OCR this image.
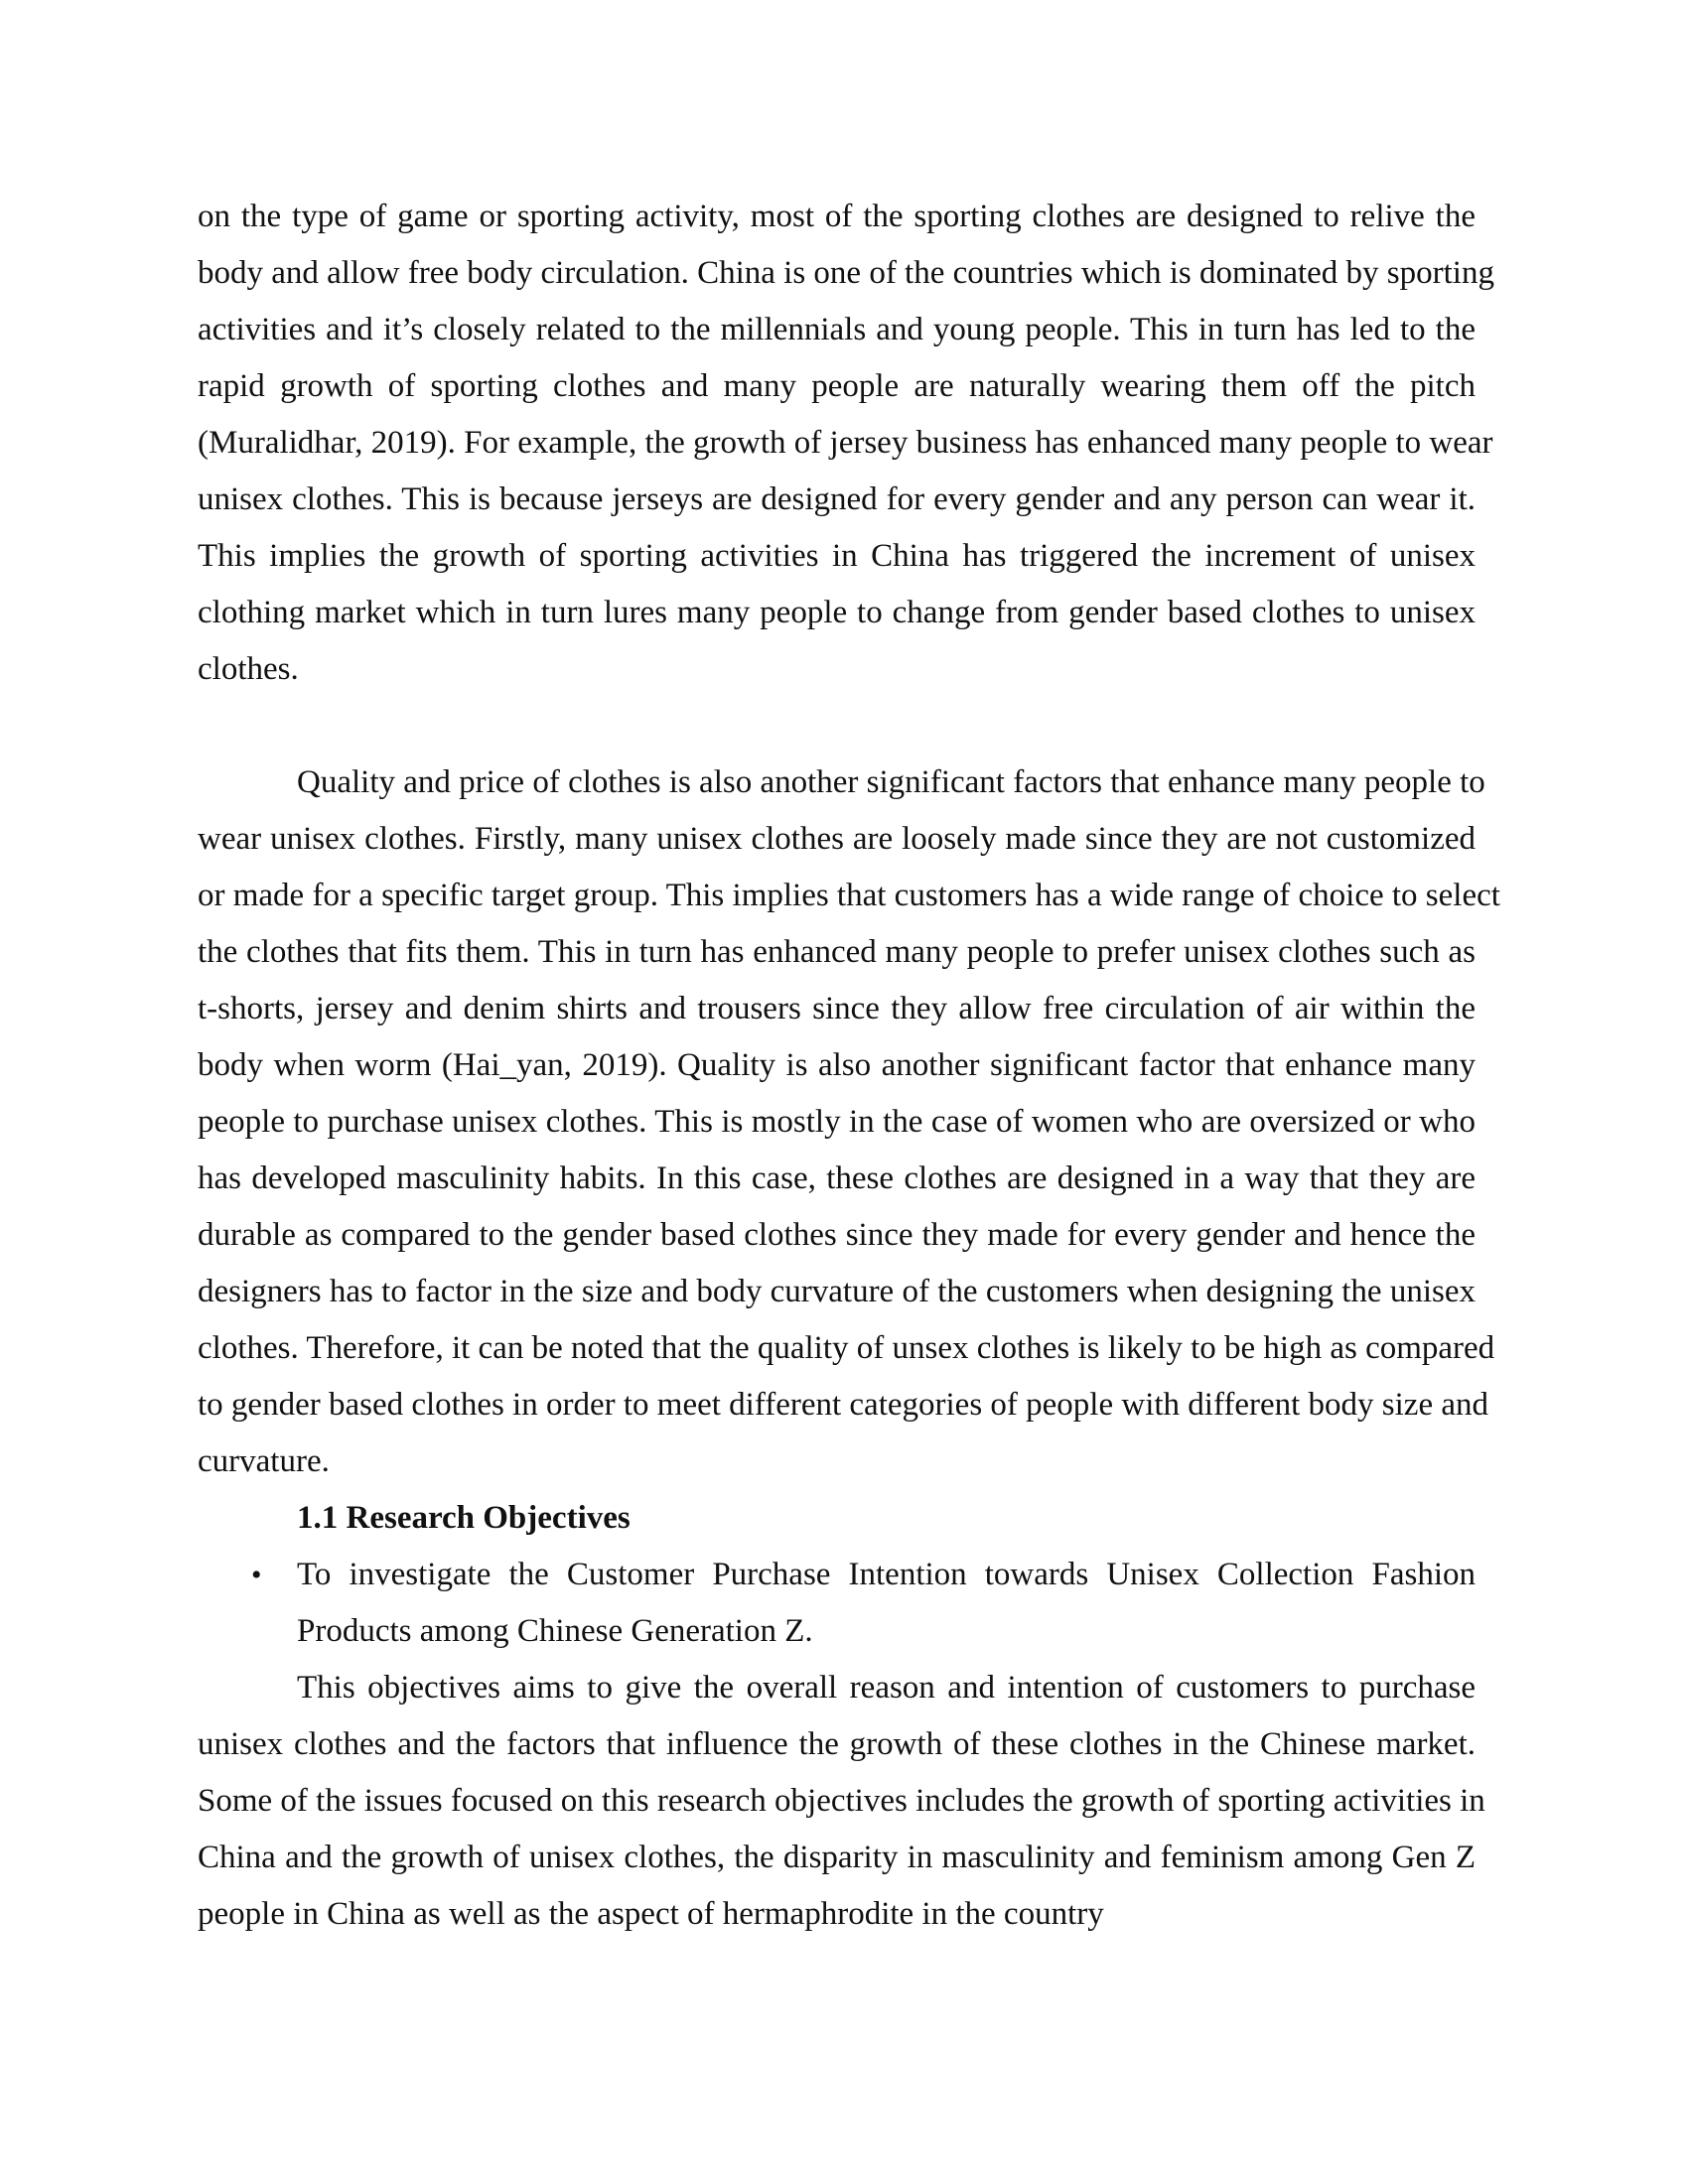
on the type of game or sporting activity, most of the sporting clothes are designed to relive the
body and allow free body circulation. China is one of the countries which is dominated by sporting
activities and it’s closely related to the millennials and young people. This in turn has led to the
rapid growth of sporting clothes and many people are naturally wearing them off the pitch
(Muralidhar, 2019). For example, the growth of jersey business has enhanced many people to wear
unisex clothes. This is because jerseys are designed for every gender and any person can wear it.
This implies the growth of sporting activities in China has triggered the increment of unisex
clothing market which in turn lures many people to change from gender based clothes to unisex
clothes.
Quality and price of clothes is also another significant factors that enhance many people to
wear unisex clothes. Firstly, many unisex clothes are loosely made since they are not customized
or made for a specific target group. This implies that customers has a wide range of choice to select
the clothes that fits them. This in turn has enhanced many people to prefer unisex clothes such as
t-shorts, jersey and denim shirts and trousers since they allow free circulation of air within the
body when worm (Hai_yan, 2019). Quality is also another significant factor that enhance many
people to purchase unisex clothes. This is mostly in the case of women who are oversized or who
has developed masculinity habits. In this case, these clothes are designed in a way that they are
durable as compared to the gender based clothes since they made for every gender and hence the
designers has to factor in the size and body curvature of the customers when designing the unisex
clothes. Therefore, it can be noted that the quality of unsex clothes is likely to be high as compared
to gender based clothes in order to meet different categories of people with different body size and
curvature.
1.1 Research Objectives
• To investigate the Customer Purchase Intention towards Unisex Collection Fashion
Products among Chinese Generation Z.
This objectives aims to give the overall reason and intention of customers to purchase
unisex clothes and the factors that influence the growth of these clothes in the Chinese market.
Some of the issues focused on this research objectives includes the growth of sporting activities in
China and the growth of unisex clothes, the disparity in masculinity and feminism among Gen Z
people in China as well as the aspect of hermaphrodite in the country
